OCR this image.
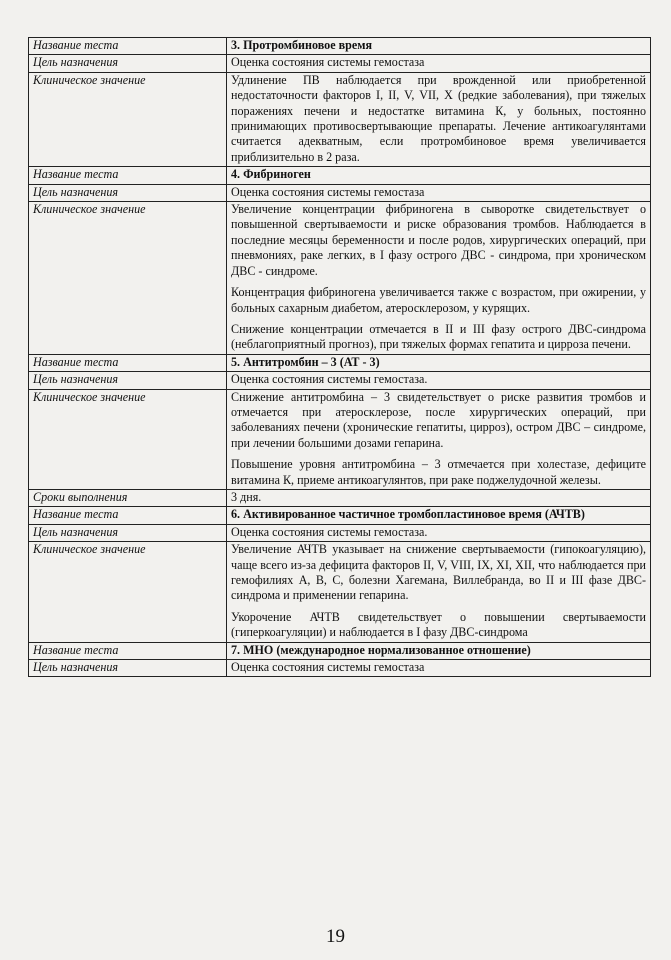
Название теста	3. Протромбиновое время
Цель назначения	Оценка состояния системы гемостаза
Клиническое значение	Удлинение ПВ наблюдается при врожденной или приобретенной недостаточности факторов I, II, V, VII, X (редкие заболевания), при тяжелых поражениях печени и недостатке витамина К, у больных, постоянно принимающих противосвертывающие препараты. Лечение антикоагулянтами считается адекватным, если протромбиновое время увеличивается приблизительно в 2 раза.

Название теста	4. Фибриноген
Цель назначения	Оценка состояния системы гемостаза
Клиническое значение	Увеличение концентрации фибриногена в сыворотке свидетельствует о повышенной свертываемости и риске образования тромбов. Наблюдается в последние месяцы беременности и после родов, хирургических операций, при пневмониях, раке легких, в I фазу острого ДВС - синдрома, при хроническом ДВС - синдроме.

Концентрация фибриногена увеличивается также с возрастом, при ожирении, у больных сахарным диабетом, атеросклерозом, у курящих.

Снижение концентрации отмечается в II и III фазу острого ДВС-синдрома (неблагоприятный прогноз), при тяжелых формах гепатита и цирроза печени.

Название теста	5. Антитромбин – 3 (АТ - 3)
Цель назначения	Оценка состояния системы гемостаза.
Клиническое значение	Снижение антитромбина – 3 свидетельствует о риске развития тромбов и отмечается при атеросклерозе, после хирургических операций, при заболеваниях печени (хронические гепатиты, цирроз), остром ДВС – синдроме, при лечении большими дозами гепарина.

Повышение уровня антитромбина – 3 отмечается при холестазе, дефиците витамина К, приеме антикоагулянтов, при раке поджелудочной железы.

Сроки выполнения	3 дня.
Название теста	6. Активированное частичное тромбопластиновое время (АЧТВ)
Цель назначения	Оценка состояния системы гемостаза.
Клиническое значение	Увеличение АЧТВ указывает на снижение свертываемости (гипокоагуляцию), чаще всего из-за дефицита факторов II, V, VIII, IX, XI, XII, что наблюдается при гемофилиях А, В, С, болезни Хагемана, Виллебранда, во II и III фазе ДВС-синдрома и применении гепарина.

Укорочение АЧТВ свидетельствует о повышении свертываемости (гиперкоагуляции) и наблюдается в I фазу ДВС-синдрома

Название теста	7. МНО (международное нормализованное отношение)
Цель назначения	Оценка состояния системы гемостаза
19
